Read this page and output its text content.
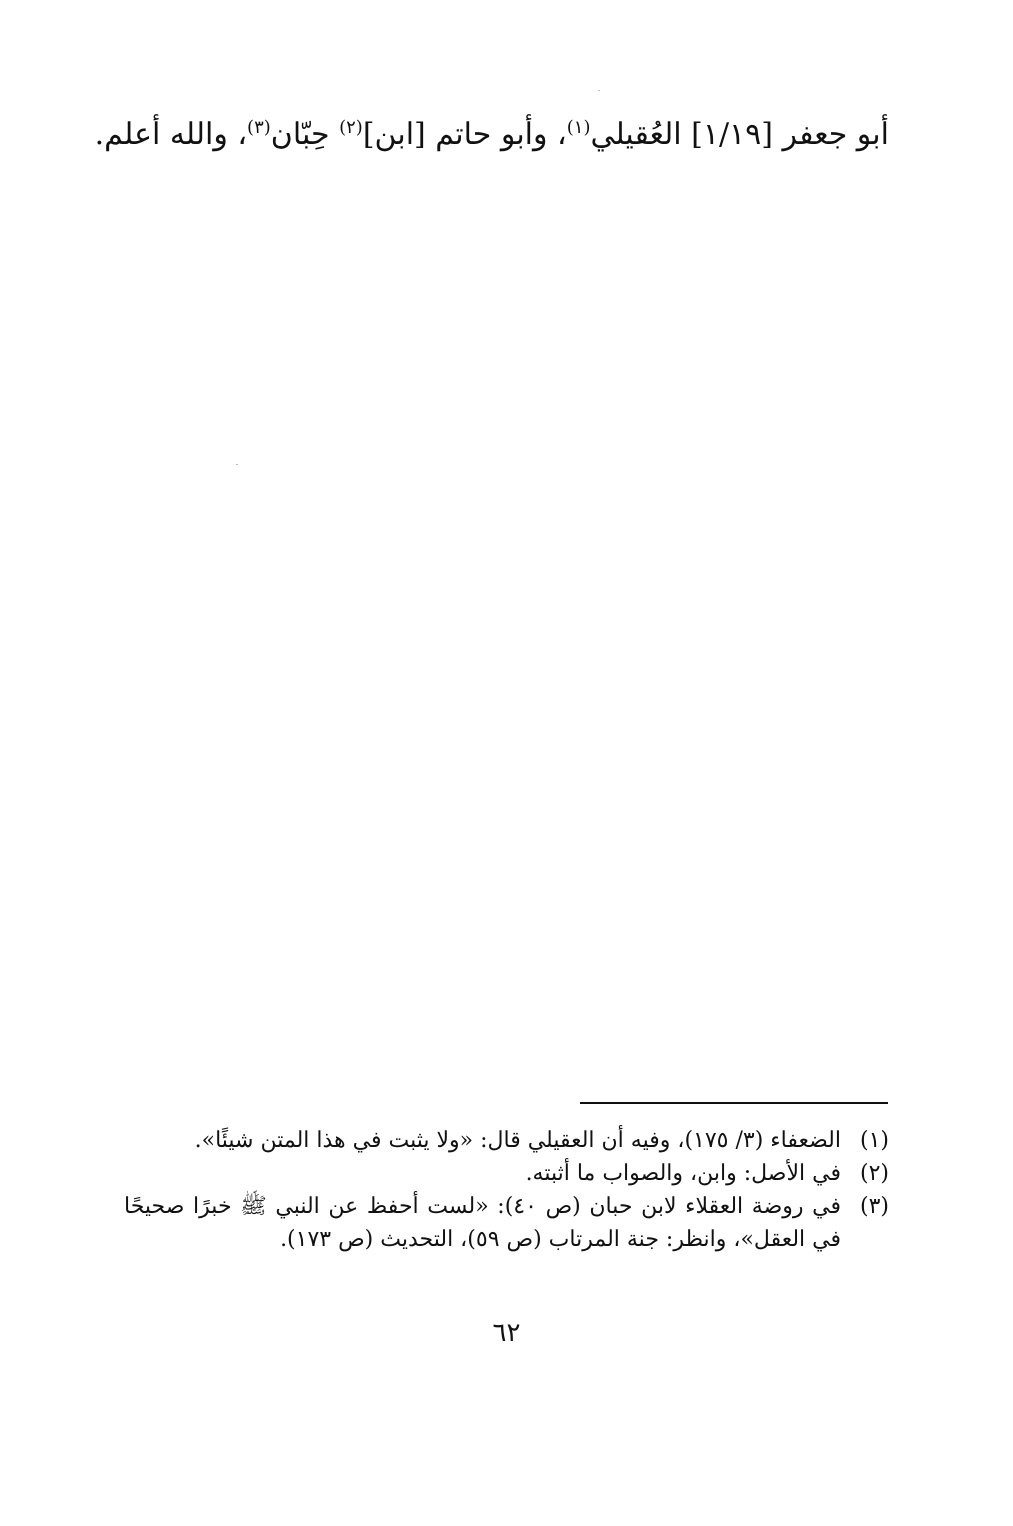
أبو جعفر [١/١٩] العُقيلي$^{(١)}$، وأبو حاتم [ابن]$^{(٢)}$ حِبّان$^{(٣)}$، والله أعلم.
(١)
الضعفاء (٣/ ١٧٥)، وفيه أن العقيلي قال: «ولا يثبت في هذا المتن شيئًا».
(٢)
في الأصل: وابن، والصواب ما أثبته.
(٣)
في روضة العقلاء لابن حبان (ص ٤٠): «لست أحفظ عن النبي ﷺ خبرًا صحيحًا في العقل»، وانظر: جنة المرتاب (ص ٥٩)، التحديث (ص ١٧٣).
٦٢
